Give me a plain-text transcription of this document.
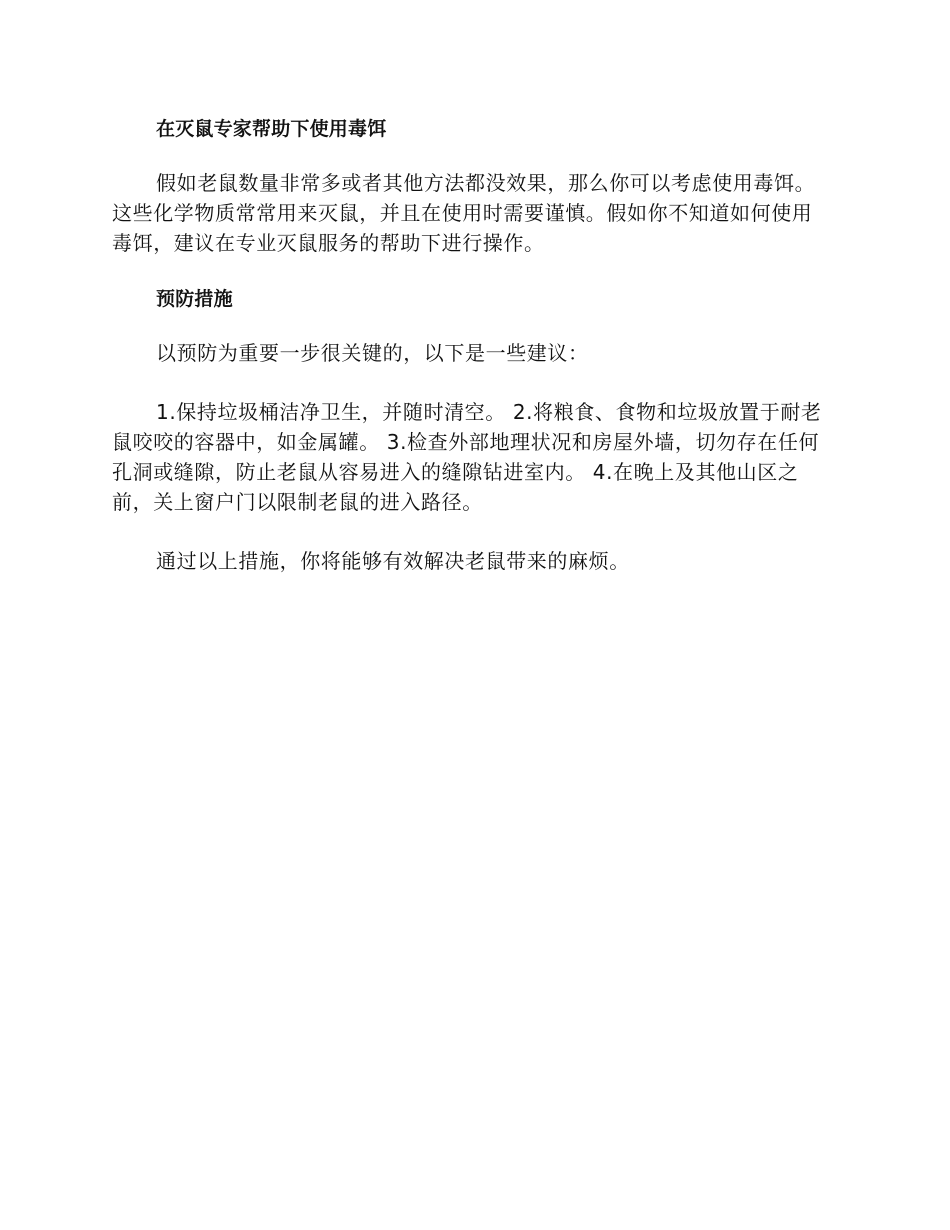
在灭鼠专家帮助下使用毒饵

假如老鼠数量非常多或者其他方法都没效果，那么你可以考虑使用毒饵。这些化学物质常常用来灭鼠，并且在使用时需要谨慎。假如你不知道如何使用毒饵，建议在专业灭鼠服务的帮助下进行操作。

预防措施

以预防为重要一步很关键的，以下是一些建议：

1.保持垃圾桶洁净卫生，并随时清空。 2.将粮食、食物和垃圾放置于耐老鼠咬咬的容器中，如金属罐。 3.检查外部地理状况和房屋外墙，切勿存在任何孔洞或缝隙，防止老鼠从容易进入的缝隙钻进室内。 4.在晚上及其他山区之前，关上窗户门以限制老鼠的进入路径。

通过以上措施，你将能够有效解决老鼠带来的麻烦。
